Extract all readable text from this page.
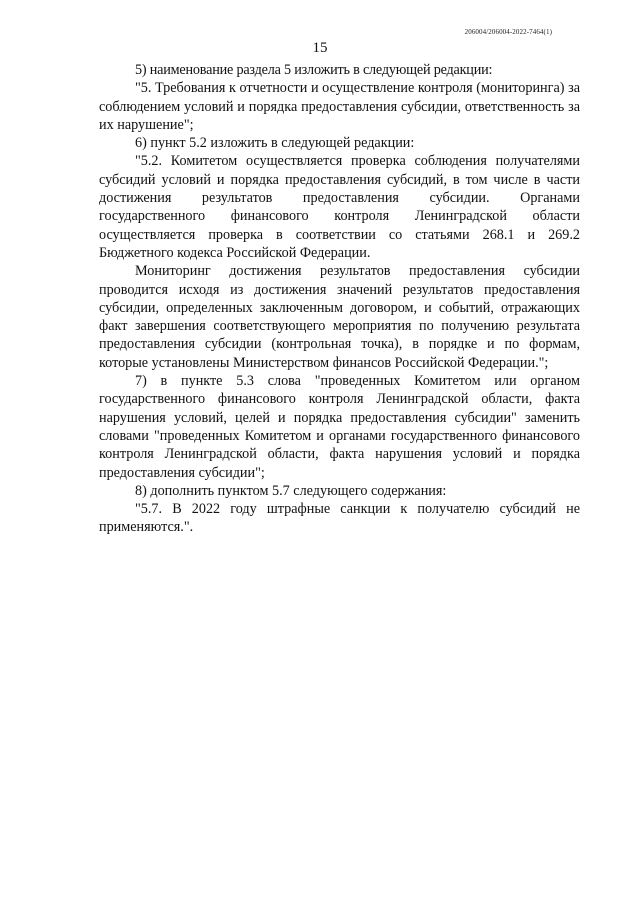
206004/206004-2022-7464(1)
15

5) наименование раздела 5 изложить в следующей редакции:

"5. Требования к отчетности и осуществление контроля (мониторинга) за соблюдением условий и порядка предоставления субсидии, ответственность за их нарушение";

6) пункт 5.2 изложить в следующей редакции:

"5.2. Комитетом осуществляется проверка соблюдения получателями субсидий условий и порядка предоставления субсидий, в том числе в части достижения результатов предоставления субсидии. Органами государственного финансового контроля Ленинградской области осуществляется проверка в соответствии со статьями 268.1 и 269.2 Бюджетного кодекса Российской Федерации.

Мониторинг достижения результатов предоставления субсидии проводится исходя из достижения значений результатов предоставления субсидии, определенных заключенным договором, и событий, отражающих факт завершения соответствующего мероприятия по получению результата предоставления субсидии (контрольная точка), в порядке и по формам, которые установлены Министерством финансов Российской Федерации.";

7) в пункте 5.3 слова "проведенных Комитетом или органом государственного финансового контроля Ленинградской области, факта нарушения условий, целей и порядка предоставления субсидии" заменить словами "проведенных Комитетом и органами государственного финансового контроля Ленинградской области, факта нарушения условий и порядка предоставления субсидии";

8) дополнить пунктом 5.7 следующего содержания:

"5.7. В 2022 году штрафные санкции к получателю субсидий не применяются.".
